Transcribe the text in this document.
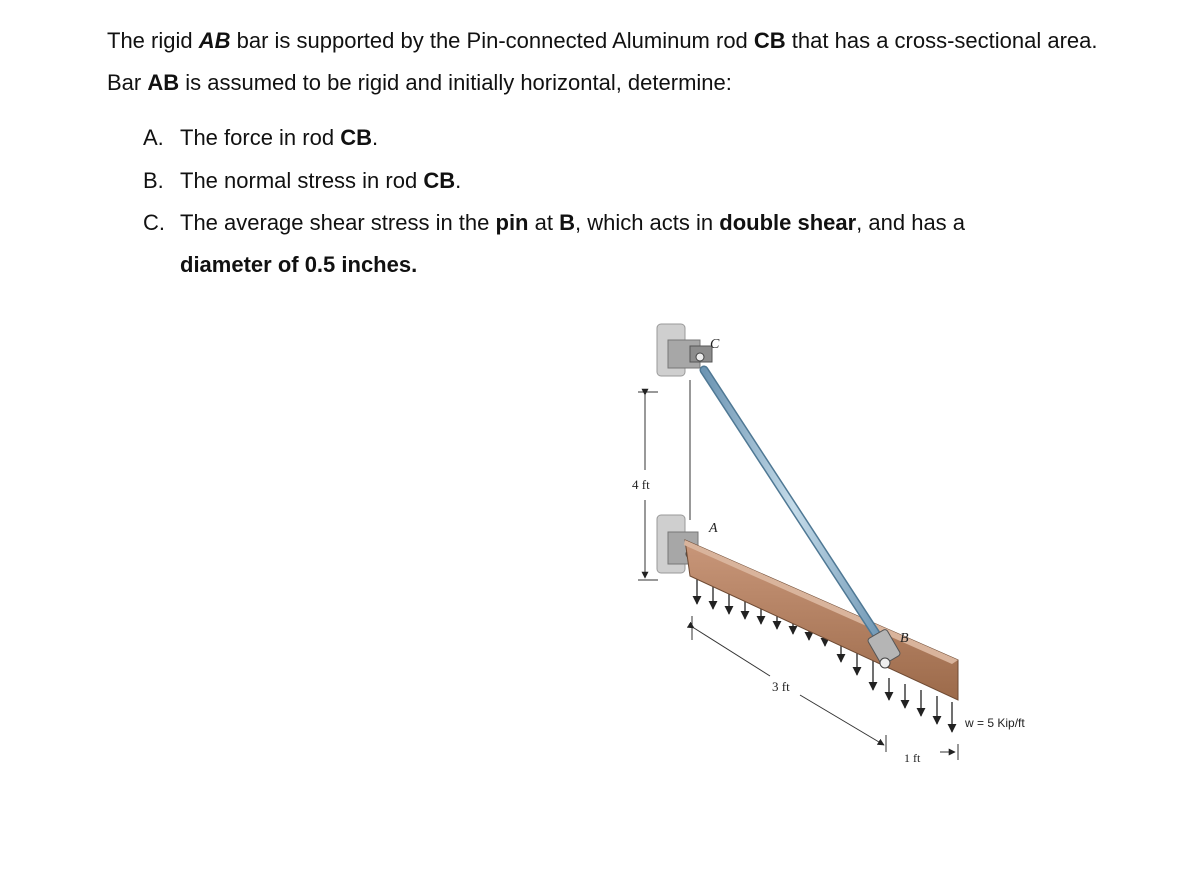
The rigid AB bar is supported by the Pin-connected Aluminum rod CB that has a cross-sectional area. Bar AB is assumed to be rigid and initially horizontal, determine:

A. The force in rod CB.
B. The normal stress in rod CB.
C. The average shear stress in the pin at B, which acts in double shear, and has a
diameter of 0.5 inches.
C
A
B
4 ft
3 ft
1 ft
w = 5 Kip/ft
